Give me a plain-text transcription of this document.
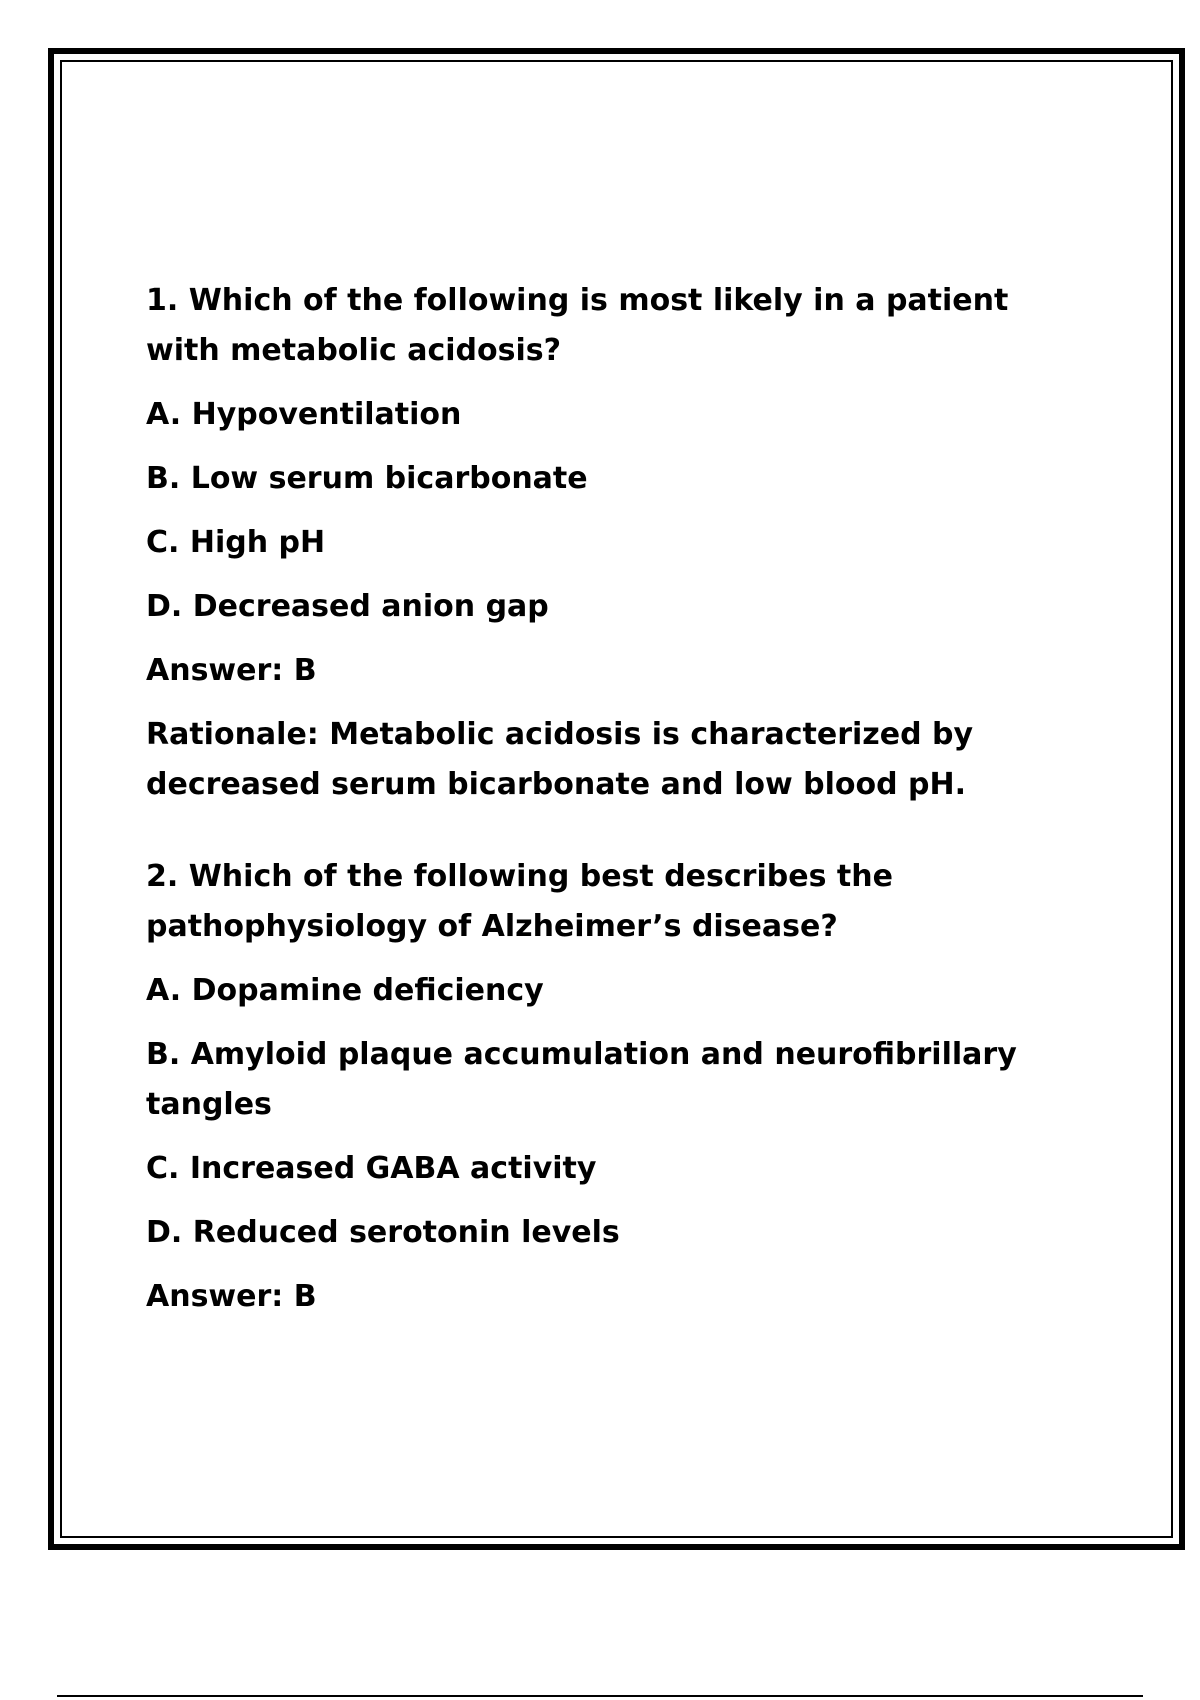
1. Which of the following is most likely in a patient with metabolic acidosis?

A. Hypoventilation

B. Low serum bicarbonate

C. High pH

D. Decreased anion gap

Answer: B

Rationale: Metabolic acidosis is characterized by decreased serum bicarbonate and low blood pH.

2. Which of the following best describes the pathophysiology of Alzheimer’s disease?

A. Dopamine deficiency

B. Amyloid plaque accumulation and neurofibrillary tangles

C. Increased GABA activity

D. Reduced serotonin levels

Answer: B
